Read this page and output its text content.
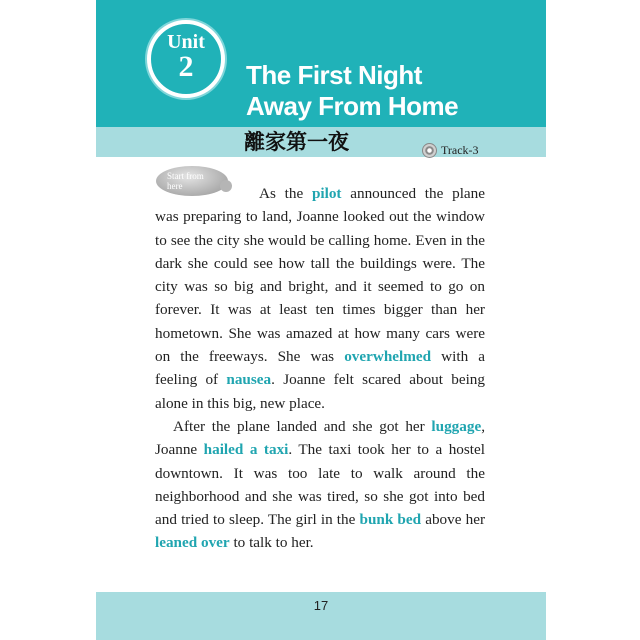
Unit
2	The First Night
Away From Home
離家第一夜	Track-3
Start from
here	As the pilot announced the plane was preparing to land, Joanne looked out the window to see the city she would be calling home. Even in the dark she could see how tall the buildings were. The city was so big and bright, and it seemed to go on forever. It was at least ten times bigger than her hometown. She was amazed at how many cars were on the freeways. She was overwhelmed with a feeling of nausea. Joanne felt scared about being alone in this big, new place.

After the plane landed and she got her luggage, Joanne hailed a taxi. The taxi took her to a hostel downtown. It was too late to walk around the neighborhood and she was tired, so she got into bed and tried to sleep. The girl in the bunk bed above her leaned over to talk to her.

17
